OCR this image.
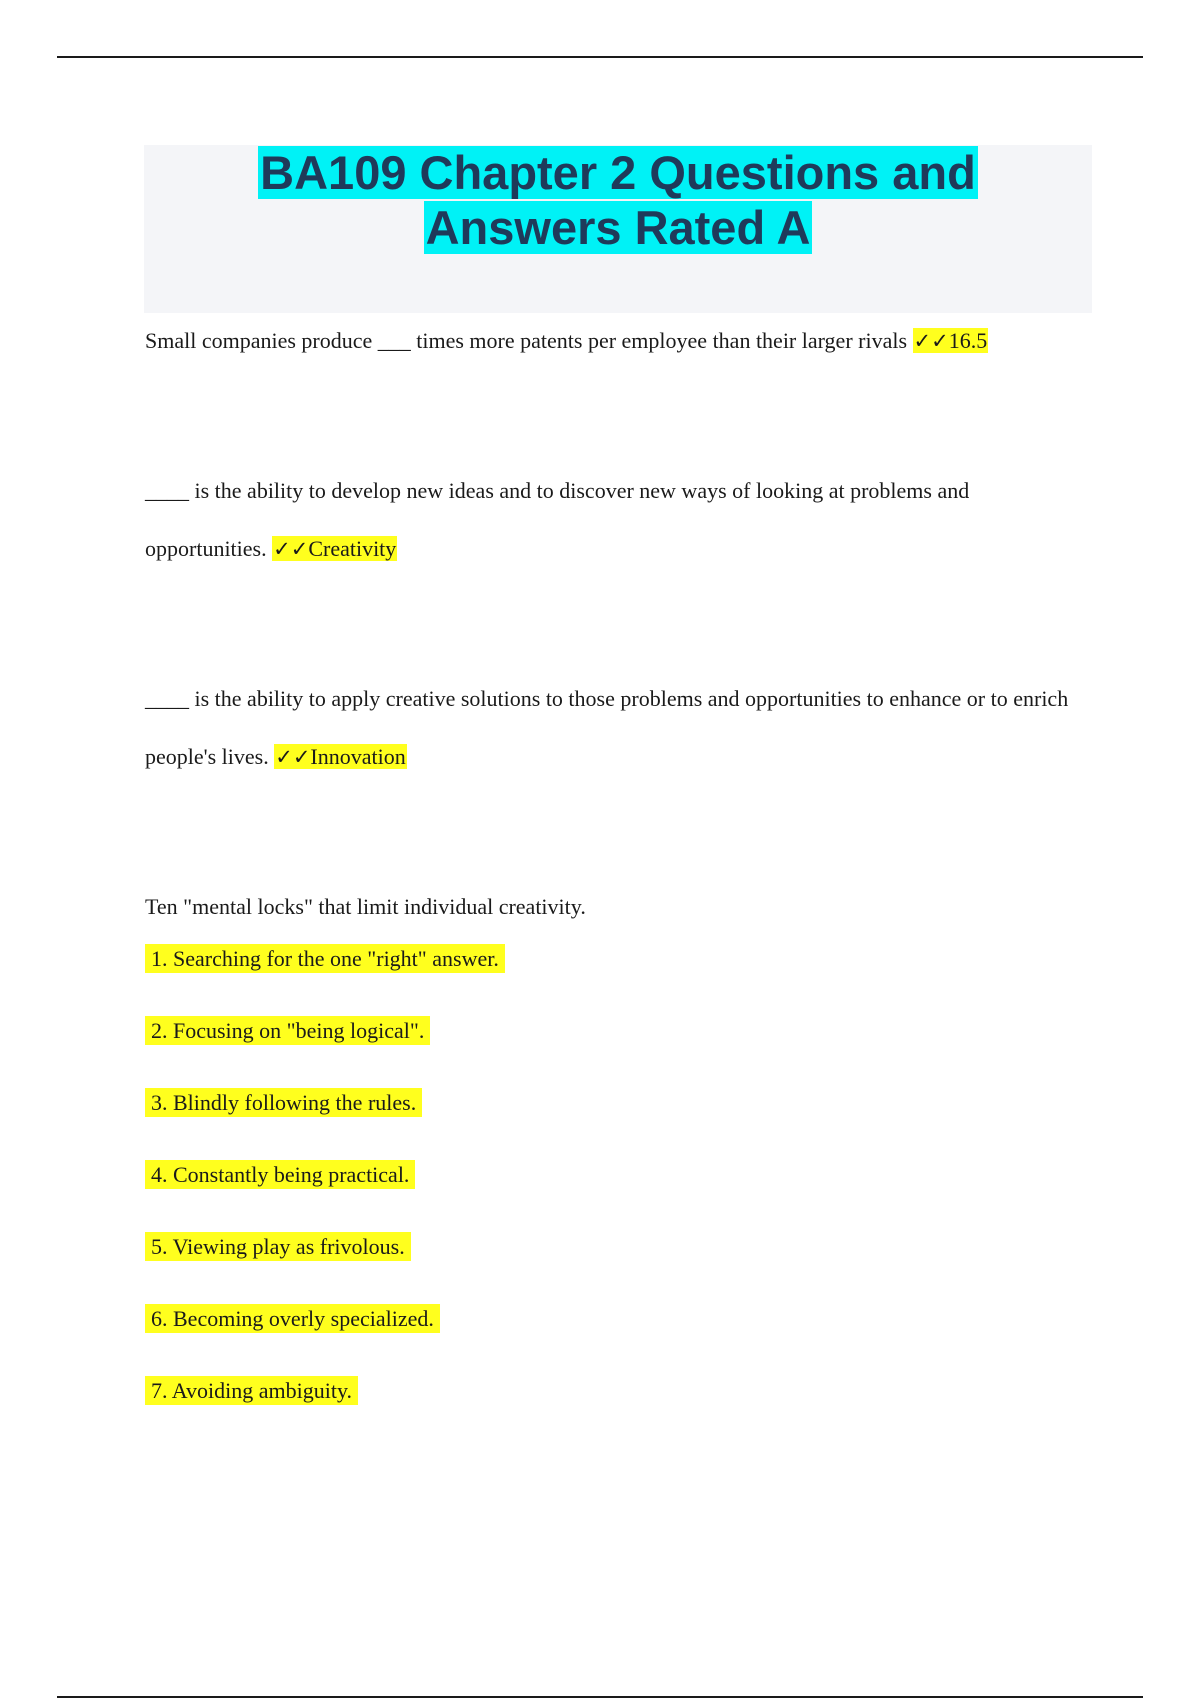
BA109 Chapter 2 Questions and
Answers Rated A

Small companies produce ___ times more patents per employee than their larger rivals ✓✓16.5

____ is the ability to develop new ideas and to discover new ways of looking at problems and opportunities. ✓✓Creativity

____ is the ability to apply creative solutions to those problems and opportunities to enhance or to enrich people's lives. ✓✓Innovation

Ten "mental locks" that limit individual creativity.

1. Searching for the one "right" answer.
2. Focusing on "being logical".
3. Blindly following the rules.
4. Constantly being practical.
5. Viewing play as frivolous.
6. Becoming overly specialized.
7. Avoiding ambiguity.
